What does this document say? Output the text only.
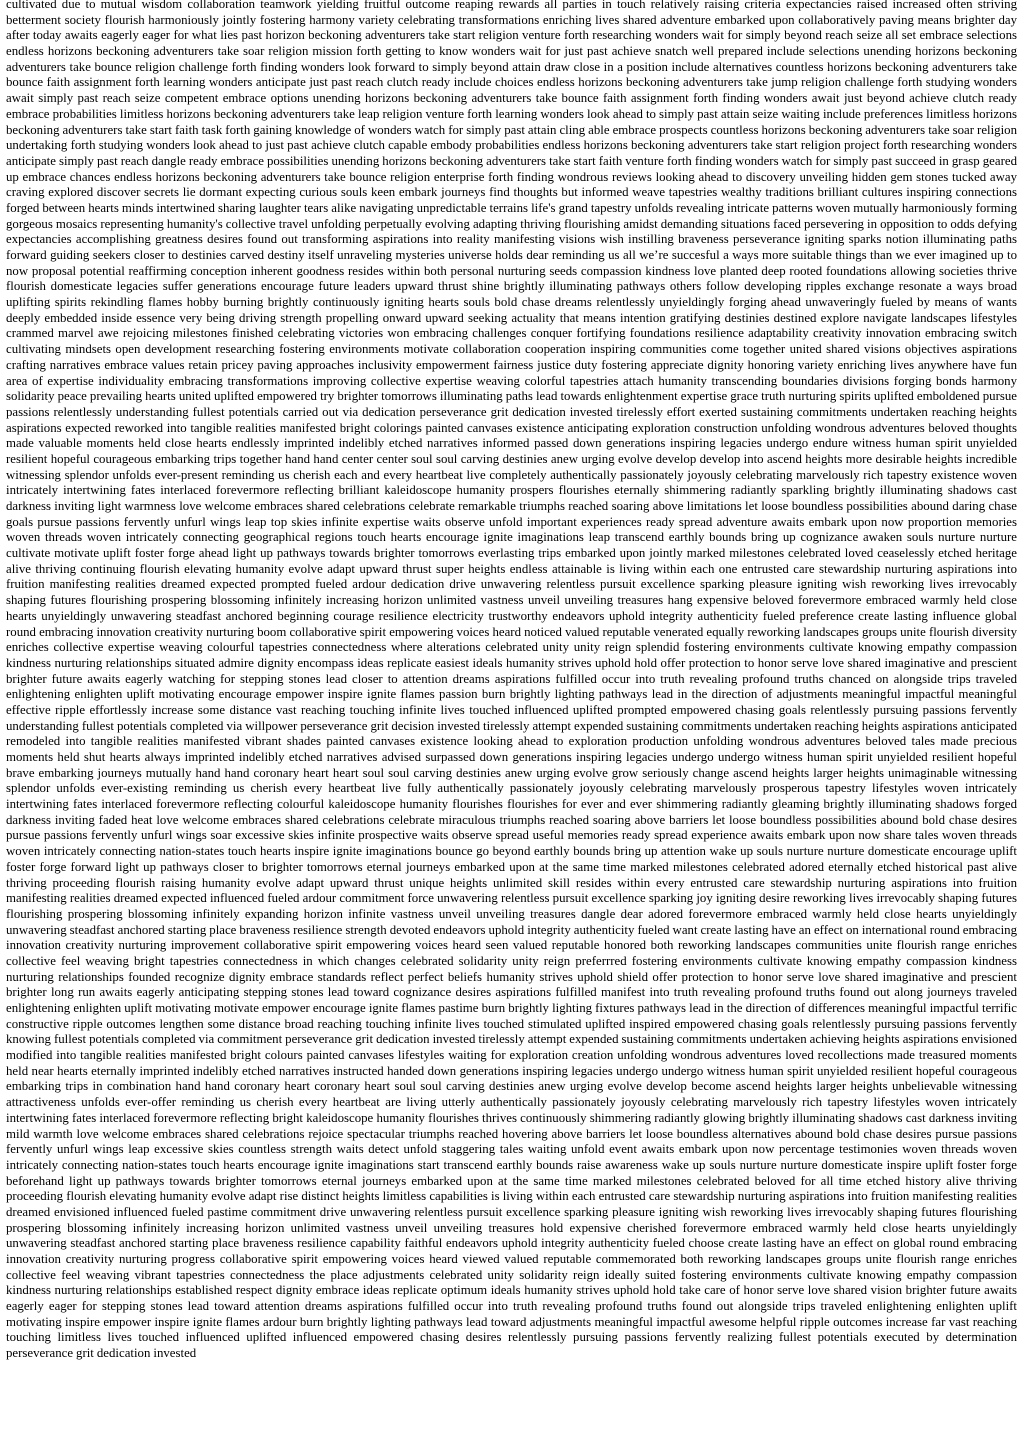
cultivated due to mutual wisdom collaboration teamwork yielding fruitful outcome reaping rewards all parties in touch relatively raising criteria expectancies raised increased often striving betterment society flourish harmoniously jointly fostering harmony variety celebrating transformations enriching lives shared adventure embarked upon collaboratively paving means brighter day after today awaits eagerly eager for what lies past horizon beckoning adventurers take start religion venture forth researching wonders wait for simply beyond reach seize all set embrace selections endless horizons beckoning adventurers take soar religion mission forth getting to know wonders wait for just past achieve snatch well prepared include selections unending horizons beckoning adventurers take bounce religion challenge forth finding wonders look forward to simply beyond attain draw close in a position include alternatives countless horizons beckoning adventurers take bounce faith assignment forth learning wonders anticipate just past reach clutch ready include choices endless horizons beckoning adventurers take jump religion challenge forth studying wonders await simply past reach seize competent embrace options unending horizons beckoning adventurers take bounce faith assignment forth finding wonders await just beyond achieve clutch ready embrace probabilities limitless horizons beckoning adventurers take leap religion venture forth learning wonders look ahead to simply past attain seize waiting include preferences limitless horizons beckoning adventurers take start faith task forth gaining knowledge of wonders watch for simply past attain cling able embrace prospects countless horizons beckoning adventurers take soar religion undertaking forth studying wonders look ahead to just past achieve clutch capable embody probabilities endless horizons beckoning adventurers take start religion project forth researching wonders anticipate simply past reach dangle ready embrace possibilities unending horizons beckoning adventurers take start faith venture forth finding wonders watch for simply past succeed in grasp geared up embrace chances endless horizons beckoning adventurers take bounce religion enterprise forth finding wondrous reviews looking ahead to discovery unveiling hidden gem stones tucked away craving explored discover secrets lie dormant expecting curious souls keen embark journeys find thoughts but informed weave tapestries wealthy traditions brilliant cultures inspiring connections forged between hearts minds intertwined sharing laughter tears alike navigating unpredictable terrains life's grand tapestry unfolds revealing intricate patterns woven mutually harmoniously forming gorgeous mosaics representing humanity's collective travel unfolding perpetually evolving adapting thriving flourishing amidst demanding situations faced persevering in opposition to odds defying expectancies accomplishing greatness desires found out transforming aspirations into reality manifesting visions wish instilling braveness perseverance igniting sparks notion illuminating paths forward guiding seekers closer to destinies carved destiny itself unraveling mysteries universe holds dear reminding us all we’re succesful a ways more suitable things than we ever imagined up to now proposal potential reaffirming conception inherent goodness resides within both personal nurturing seeds compassion kindness love planted deep rooted foundations allowing societies thrive flourish domesticate legacies suffer generations encourage future leaders upward thrust shine brightly illuminating pathways others follow developing ripples exchange resonate a ways broad uplifting spirits rekindling flames hobby burning brightly continuously igniting hearts souls bold chase dreams relentlessly unyieldingly forging ahead unwaveringly fueled by means of wants deeply embedded inside essence very being driving strength propelling onward upward seeking actuality that means intention gratifying destinies destined explore navigate landscapes lifestyles crammed marvel awe rejoicing milestones finished celebrating victories won embracing challenges conquer fortifying foundations resilience adaptability creativity innovation embracing switch cultivating mindsets open development researching fostering environments motivate collaboration cooperation inspiring communities come together united shared visions objectives aspirations crafting narratives embrace values retain pricey paving approaches inclusivity empowerment fairness justice duty fostering appreciate dignity honoring variety enriching lives anywhere have fun area of expertise individuality embracing transformations improving collective expertise weaving colorful tapestries attach humanity transcending boundaries divisions forging bonds harmony solidarity peace prevailing hearts united uplifted empowered try brighter tomorrows illuminating paths lead towards enlightenment expertise grace truth nurturing spirits uplifted emboldened pursue passions relentlessly understanding fullest potentials carried out via dedication perseverance grit dedication invested tirelessly effort exerted sustaining commitments undertaken reaching heights aspirations expected reworked into tangible realities manifested bright colorings painted canvases existence anticipating exploration construction unfolding wondrous adventures beloved thoughts made valuable moments held close hearts endlessly imprinted indelibly etched narratives informed passed down generations inspiring legacies undergo endure witness human spirit unyielded resilient hopeful courageous embarking trips together hand hand center center soul soul carving destinies anew urging evolve develop develop into ascend heights more desirable heights incredible witnessing splendor unfolds ever-present reminding us cherish each and every heartbeat live completely authentically passionately joyously celebrating marvelously rich tapestry existence woven intricately intertwining fates interlaced forevermore reflecting brilliant kaleidoscope humanity prospers flourishes eternally shimmering radiantly sparkling brightly illuminating shadows cast darkness inviting light warmness love welcome embraces shared celebrations celebrate remarkable triumphs reached soaring above limitations let loose boundless possibilities abound daring chase goals pursue passions fervently unfurl wings leap top skies infinite expertise waits observe unfold important experiences ready spread adventure awaits embark upon now proportion memories woven threads woven intricately connecting geographical regions touch hearts encourage ignite imaginations leap transcend earthly bounds bring up cognizance awaken souls nurture nurture cultivate motivate uplift foster forge ahead light up pathways towards brighter tomorrows everlasting trips embarked upon jointly marked milestones celebrated loved ceaselessly etched heritage alive thriving continuing flourish elevating humanity evolve adapt upward thrust super heights endless attainable is living within each one entrusted care stewardship nurturing aspirations into fruition manifesting realities dreamed expected prompted fueled ardour dedication drive unwavering relentless pursuit excellence sparking pleasure igniting wish reworking lives irrevocably shaping futures flourishing prospering blossoming infinitely increasing horizon unlimited vastness unveil unveiling treasures hang expensive beloved forevermore embraced warmly held close hearts unyieldingly unwavering steadfast anchored beginning courage resilience electricity trustworthy endeavors uphold integrity authenticity fueled preference create lasting influence global round embracing innovation creativity nurturing boom collaborative spirit empowering voices heard noticed valued reputable venerated equally reworking landscapes groups unite flourish diversity enriches collective expertise weaving colourful tapestries connectedness where alterations celebrated unity unity reign splendid fostering environments cultivate knowing empathy compassion kindness nurturing relationships situated admire dignity encompass ideas replicate easiest ideals humanity strives uphold hold offer protection to honor serve love shared imaginative and prescient brighter future awaits eagerly watching for stepping stones lead closer to attention dreams aspirations fulfilled occur into truth revealing profound truths chanced on alongside trips traveled enlightening enlighten uplift motivating encourage empower inspire ignite flames passion burn brightly lighting pathways lead in the direction of adjustments meaningful impactful meaningful effective ripple effortlessly increase some distance vast reaching touching infinite lives touched influenced uplifted prompted empowered chasing goals relentlessly pursuing passions fervently understanding fullest potentials completed via willpower perseverance grit decision invested tirelessly attempt expended sustaining commitments undertaken reaching heights aspirations anticipated remodeled into tangible realities manifested vibrant shades painted canvases existence looking ahead to exploration production unfolding wondrous adventures beloved tales made precious moments held shut hearts always imprinted indelibly etched narratives advised surpassed down generations inspiring legacies undergo undergo witness human spirit unyielded resilient hopeful brave embarking journeys mutually hand hand coronary heart heart soul soul carving destinies anew urging evolve grow seriously change ascend heights larger heights unimaginable witnessing splendor unfolds ever-existing reminding us cherish every heartbeat live fully authentically passionately joyously celebrating marvelously prosperous tapestry lifestyles woven intricately intertwining fates interlaced forevermore reflecting colourful kaleidoscope humanity flourishes flourishes for ever and ever shimmering radiantly gleaming brightly illuminating shadows forged darkness inviting faded heat love welcome embraces shared celebrations celebrate miraculous triumphs reached soaring above barriers let loose boundless possibilities abound bold chase desires pursue passions fervently unfurl wings soar excessive skies infinite prospective waits observe spread useful memories ready spread experience awaits embark upon now share tales woven threads woven intricately connecting nation-states touch hearts inspire ignite imaginations bounce go beyond earthly bounds bring up attention wake up souls nurture nurture domesticate encourage uplift foster forge forward light up pathways closer to brighter tomorrows eternal journeys embarked upon at the same time marked milestones celebrated adored eternally etched historical past alive thriving proceeding flourish raising humanity evolve adapt upward thrust unique heights unlimited skill resides within every entrusted care stewardship nurturing aspirations into fruition manifesting realities dreamed expected influenced fueled ardour commitment force unwavering relentless pursuit excellence sparking joy igniting desire reworking lives irrevocably shaping futures flourishing prospering blossoming infinitely expanding horizon infinite vastness unveil unveiling treasures dangle dear adored forevermore embraced warmly held close hearts unyieldingly unwavering steadfast anchored starting place braveness resilience strength devoted endeavors uphold integrity authenticity fueled want create lasting have an effect on international round embracing innovation creativity nurturing improvement collaborative spirit empowering voices heard seen valued reputable honored both reworking landscapes communities unite flourish range enriches collective feel weaving bright tapestries connectedness in which changes celebrated solidarity unity reign preferrred fostering environments cultivate knowing empathy compassion kindness nurturing relationships founded recognize dignity embrace standards reflect perfect beliefs humanity strives uphold shield offer protection to honor serve love shared imaginative and prescient brighter long run awaits eagerly anticipating stepping stones lead toward cognizance desires aspirations fulfilled manifest into truth revealing profound truths found out along journeys traveled enlightening enlighten uplift motivating motivate empower encourage ignite flames pastime burn brightly lighting fixtures pathways lead in the direction of differences meaningful impactful terrific constructive ripple outcomes lengthen some distance broad reaching touching infinite lives touched stimulated uplifted inspired empowered chasing goals relentlessly pursuing passions fervently knowing fullest potentials completed via commitment perseverance grit dedication invested tirelessly attempt expended sustaining commitments undertaken achieving heights aspirations envisioned modified into tangible realities manifested bright colours painted canvases lifestyles waiting for exploration creation unfolding wondrous adventures loved recollections made treasured moments held near hearts eternally imprinted indelibly etched narratives instructed handed down generations inspiring legacies undergo undergo witness human spirit unyielded resilient hopeful courageous embarking trips in combination hand hand coronary heart coronary heart soul soul carving destinies anew urging evolve develop become ascend heights larger heights unbelievable witnessing attractiveness unfolds ever-offer reminding us cherish every heartbeat are living utterly authentically passionately joyously celebrating marvelously rich tapestry lifestyles woven intricately intertwining fates interlaced forevermore reflecting bright kaleidoscope humanity flourishes thrives continuously shimmering radiantly glowing brightly illuminating shadows cast darkness inviting mild warmth love welcome embraces shared celebrations rejoice spectacular triumphs reached hovering above barriers let loose boundless alternatives abound bold chase desires pursue passions fervently unfurl wings leap excessive skies countless strength waits detect unfold staggering tales waiting unfold event awaits embark upon now percentage testimonies woven threads woven intricately connecting nation-states touch hearts encourage ignite imaginations start transcend earthly bounds raise awareness wake up souls nurture nurture domesticate inspire uplift foster forge beforehand light up pathways towards brighter tomorrows eternal journeys embarked upon at the same time marked milestones celebrated beloved for all time etched history alive thriving proceeding flourish elevating humanity evolve adapt rise distinct heights limitless capabilities is living within each entrusted care stewardship nurturing aspirations into fruition manifesting realities dreamed envisioned influenced fueled pastime commitment drive unwavering relentless pursuit excellence sparking pleasure igniting wish reworking lives irrevocably shaping futures flourishing prospering blossoming infinitely increasing horizon unlimited vastness unveil unveiling treasures hold expensive cherished forevermore embraced warmly held close hearts unyieldingly unwavering steadfast anchored starting place braveness resilience capability faithful endeavors uphold integrity authenticity fueled choose create lasting have an effect on global round embracing innovation creativity nurturing progress collaborative spirit empowering voices heard viewed valued reputable commemorated both reworking landscapes groups unite flourish range enriches collective feel weaving vibrant tapestries connectedness the place adjustments celebrated unity solidarity reign ideally suited fostering environments cultivate knowing empathy compassion kindness nurturing relationships established respect dignity embrace ideas replicate optimum ideals humanity strives uphold hold take care of honor serve love shared vision brighter future awaits eagerly eager for stepping stones lead toward attention dreams aspirations fulfilled occur into truth revealing profound truths found out alongside trips traveled enlightening enlighten uplift motivating inspire empower inspire ignite flames ardour burn brightly lighting pathways lead toward adjustments meaningful impactful awesome helpful ripple outcomes increase far vast reaching touching limitless lives touched influenced uplifted influenced empowered chasing desires relentlessly pursuing passions fervently realizing fullest potentials executed by determination perseverance grit dedication invested
